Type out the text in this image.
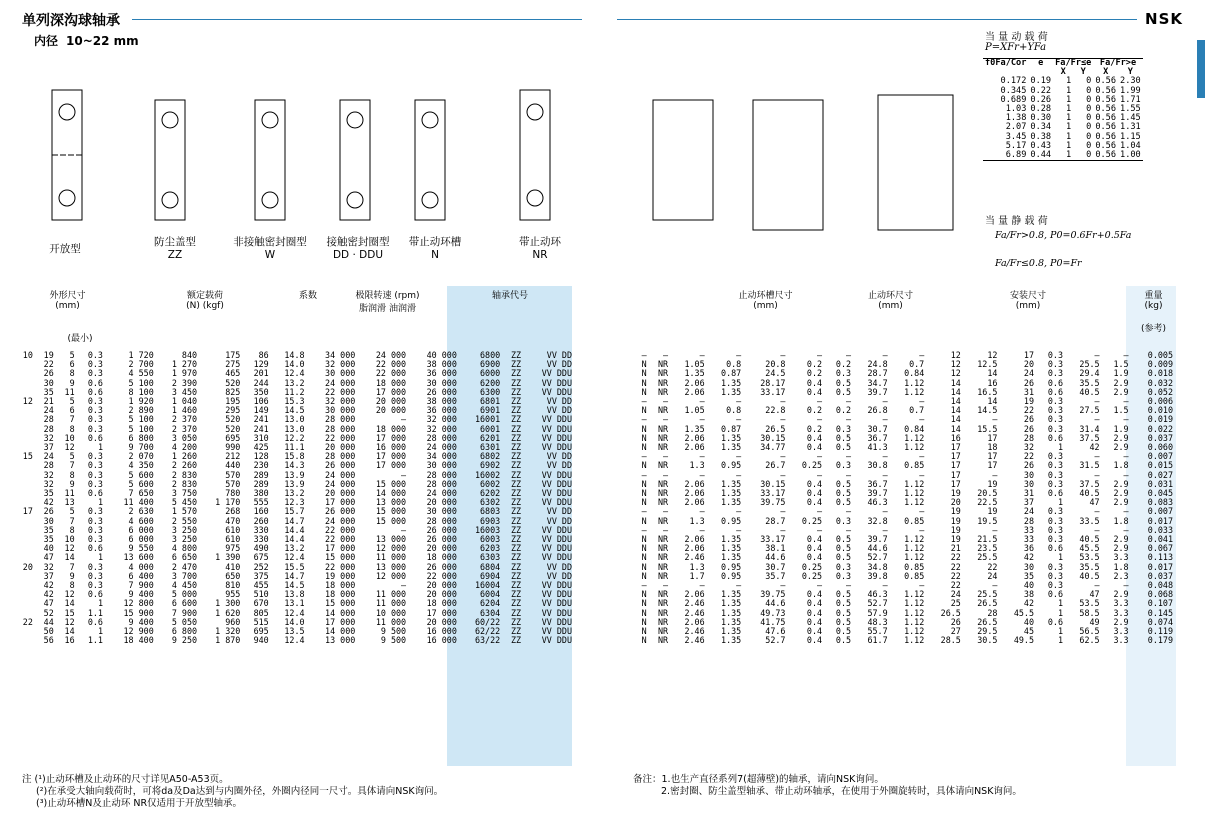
单列深沟球轴承
内径 10~22 mm
开放型
防尘盖型
ZZ
非接触密封圈型
W
接触密封圈型
DD · DDU
带止动环槽
N
带止动环
NR
外形尺寸
(mm)
额定载荷
(N) (kgf)
系数	极限转速 (rpm)
脂润滑 油润滑
轴承代号
(最小)
10	19	5	0.3	1 720	840	175	86	14.8	34 000	24 000	40 000	6800	ZZ	VV DD
	22	6	0.3	2 700	1 270	275	129	14.0	32 000	22 000	38 000	6900	ZZ	VV DD
	26	8	0.3	4 550	1 970	465	201	12.4	30 000	22 000	36 000	6000	ZZ	VV DDU
	30	9	0.6	5 100	2 390	520	244	13.2	24 000	18 000	30 000	6200	ZZ	VV DDU
	35	11	0.6	8 100	3 450	825	350	11.2	22 000	17 000	26 000	6300	ZZ	VV DDU
12	21	5	0.3	1 920	1 040	195	106	15.3	32 000	20 000	38 000	6801	ZZ	VV DD
	24	6	0.3	2 890	1 460	295	149	14.5	30 000	20 000	36 000	6901	ZZ	VV DD
	28	7	0.3	5 100	2 370	520	241	13.0	28 000	—	32 000	16001	ZZ	VV DDU
	28	8	0.3	5 100	2 370	520	241	13.0	28 000	18 000	32 000	6001	ZZ	VV DDU
	32	10	0.6	6 800	3 050	695	310	12.2	22 000	17 000	28 000	6201	ZZ	VV DDU
	37	12	1	9 700	4 200	990	425	11.1	20 000	16 000	24 000	6301	ZZ	VV DDU
15	24	5	0.3	2 070	1 260	212	128	15.8	28 000	17 000	34 000	6802	ZZ	VV DD
	28	7	0.3	4 350	2 260	440	230	14.3	26 000	17 000	30 000	6902	ZZ	VV DD
	32	8	0.3	5 600	2 830	570	289	13.9	24 000	—	28 000	16002	ZZ	VV DDU
	32	9	0.3	5 600	2 830	570	289	13.9	24 000	15 000	28 000	6002	ZZ	VV DDU
	35	11	0.6	7 650	3 750	780	380	13.2	20 000	14 000	24 000	6202	ZZ	VV DDU
	42	13	1	11 400	5 450	1 170	555	12.3	17 000	13 000	20 000	6302	ZZ	VV DDU
17	26	5	0.3	2 630	1 570	268	160	15.7	26 000	15 000	30 000	6803	ZZ	VV DD
	30	7	0.3	4 600	2 550	470	260	14.7	24 000	15 000	28 000	6903	ZZ	VV DD
	35	8	0.3	6 000	3 250	610	330	14.4	22 000	—	26 000	16003	ZZ	VV DDU
	35	10	0.3	6 000	3 250	610	330	14.4	22 000	13 000	26 000	6003	ZZ	VV DDU
	40	12	0.6	9 550	4 800	975	490	13.2	17 000	12 000	20 000	6203	ZZ	VV DDU
	47	14	1	13 600	6 650	1 390	675	12.4	15 000	11 000	18 000	6303	ZZ	VV DDU
20	32	7	0.3	4 000	2 470	410	252	15.5	22 000	13 000	26 000	6804	ZZ	VV DD
	37	9	0.3	6 400	3 700	650	375	14.7	19 000	12 000	22 000	6904	ZZ	VV DD
	42	8	0.3	7 900	4 450	810	455	14.5	18 000	—	20 000	16004	ZZ	VV DDU
	42	12	0.6	9 400	5 000	955	510	13.8	18 000	11 000	20 000	6004	ZZ	VV DDU
	47	14	1	12 800	6 600	1 300	670	13.1	15 000	11 000	18 000	6204	ZZ	VV DDU
	52	15	1.1	15 900	7 900	1 620	805	12.4	14 000	10 000	17 000	6304	ZZ	VV DDU
22	44	12	0.6	9 400	5 050	960	515	14.0	17 000	11 000	20 000	60/22	ZZ	VV DDU
	50	14	1	12 900	6 800	1 320	695	13.5	14 000	9 500	16 000	62/22	ZZ	VV DDU
	56	16	1.1	18 400	9 250	1 870	940	12.4	13 000	9 500	16 000	63/22	ZZ	VV DDU
注 (¹)止动环槽及止动环的尺寸详见A50-A53页。
(²)在承受大轴向载荷时，可将da及Da达到与内圈外径，外圈内径同一尺寸。具体请向NSK询问。
(³)止动环槽N及止动环 NR仅适用于开放型轴承。
NSK
当 量 动 载 荷
P=XFr+YFa
f0Fa/Cor	e	Fa/Fr≤e		Fa/Fr>e	
		X	Y	X	Y
0.172	0.19	1	0	0.56	2.30
0.345	0.22	1	0	0.56	1.99
0.689	0.26	1	0	0.56	1.71
1.03	0.28	1	0	0.56	1.55
1.38	0.30	1	0	0.56	1.45
2.07	0.34	1	0	0.56	1.31
3.45	0.38	1	0	0.56	1.15
5.17	0.43	1	0	0.56	1.04
6.89	0.44	1	0	0.56	1.00
当 量 静 载 荷
Fa/Fr>0.8, P0=0.6Fr+0.5Fa
Fa/Fr≤0.8, P0=Fr
止动环槽尺寸
(mm)
止动环尺寸
(mm)
安装尺寸
(mm)
重量
(kg)

(参考)
—	—	—	—	—	—	—	—	—	12	12	17	0.3	—	—	0.005
N	NR	1.05	0.8	20.8	0.2	0.2	24.8	0.7	12	12.5	20	0.3	25.5	1.5	0.009
N	NR	1.35	0.87	24.5	0.2	0.3	28.7	0.84	12	14	24	0.3	29.4	1.9	0.018
N	NR	2.06	1.35	28.17	0.4	0.5	34.7	1.12	14	16	26	0.6	35.5	2.9	0.032
N	NR	2.06	1.35	33.17	0.4	0.5	39.7	1.12	14	16.5	31	0.6	40.5	2.9	0.052
—	—	—	—	—	—	—	—	—	14	14	19	0.3	—	—	0.006
N	NR	1.05	0.8	22.8	0.2	0.2	26.8	0.7	14	14.5	22	0.3	27.5	1.5	0.010
—	—	—	—	—	—	—	—	—	14	—	26	0.3	—	—	0.019
N	NR	1.35	0.87	26.5	0.2	0.3	30.7	0.84	14	15.5	26	0.3	31.4	1.9	0.022
N	NR	2.06	1.35	30.15	0.4	0.5	36.7	1.12	16	17	28	0.6	37.5	2.9	0.037
N	NR	2.06	1.35	34.77	0.4	0.5	41.3	1.12	17	18	32	1	42	2.9	0.060
—	—	—	—	—	—	—	—	—	17	17	22	0.3	—	—	0.007
N	NR	1.3	0.95	26.7	0.25	0.3	30.8	0.85	17	17	26	0.3	31.5	1.8	0.015
—	—	—	—	—	—	—	—	—	17	—	30	0.3	—	—	0.027
N	NR	2.06	1.35	30.15	0.4	0.5	36.7	1.12	17	19	30	0.3	37.5	2.9	0.031
N	NR	2.06	1.35	33.17	0.4	0.5	39.7	1.12	19	20.5	31	0.6	40.5	2.9	0.045
N	NR	2.06	1.35	39.75	0.4	0.5	46.3	1.12	20	22.5	37	1	47	2.9	0.083
—	—	—	—	—	—	—	—	—	19	19	24	0.3	—	—	0.007
N	NR	1.3	0.95	28.7	0.25	0.3	32.8	0.85	19	19.5	28	0.3	33.5	1.8	0.017
—	—	—	—	—	—	—	—	—	19	—	33	0.3	—	—	0.033
N	NR	2.06	1.35	33.17	0.4	0.5	39.7	1.12	19	21.5	33	0.3	40.5	2.9	0.041
N	NR	2.06	1.35	38.1	0.4	0.5	44.6	1.12	21	23.5	36	0.6	45.5	2.9	0.067
N	NR	2.46	1.35	44.6	0.4	0.5	52.7	1.12	22	25.5	42	1	53.5	3.3	0.113
N	NR	1.3	0.95	30.7	0.25	0.3	34.8	0.85	22	22	30	0.3	35.5	1.8	0.017
N	NR	1.7	0.95	35.7	0.25	0.3	39.8	0.85	22	24	35	0.3	40.5	2.3	0.037
—	—	—	—	—	—	—	—	—	22	—	40	0.3	—	—	0.048
N	NR	2.06	1.35	39.75	0.4	0.5	46.3	1.12	24	25.5	38	0.6	47	2.9	0.068
N	NR	2.46	1.35	44.6	0.4	0.5	52.7	1.12	25	26.5	42	1	53.5	3.3	0.107
N	NR	2.46	1.35	49.73	0.4	0.5	57.9	1.12	26.5	28	45.5	1	58.5	3.3	0.145
N	NR	2.06	1.35	41.75	0.4	0.5	48.3	1.12	26	26.5	40	0.6	49	2.9	0.074
N	NR	2.46	1.35	47.6	0.4	0.5	55.7	1.12	27	29.5	45	1	56.5	3.3	0.119
N	NR	2.46	1.35	52.7	0.4	0.5	61.7	1.12	28.5	30.5	49.5	1	62.5	3.3	0.179
备注：1.也生产直径系列7(超薄壁)的轴承，请向NSK询问。
2.密封圈、防尘盖型轴承、带止动环轴承，在使用于外圈旋转时，具体请向NSK询问。
